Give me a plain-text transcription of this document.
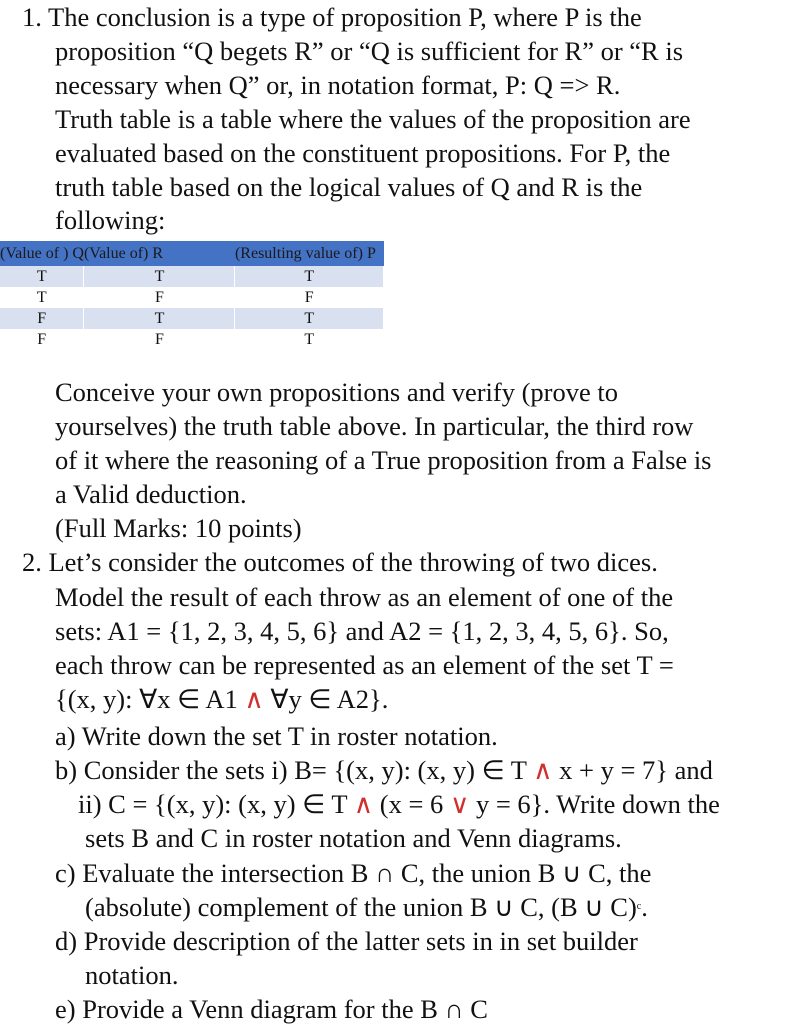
1. The conclusion is a type of proposition P, where P is the
proposition “Q begets R” or “Q is sufficient for R” or “R is
necessary when Q” or, in notation format, P: Q => R.
Truth table is a table where the values of the proposition are
evaluated based on the constituent propositions. For P, the
truth table based on the logical values of Q and R is the
following:
(Value of ) Q	(Value of) R	(Resulting value of) P
T	T	T
T	F	F
F	T	T
F	F	T
Conceive your own propositions and verify (prove to
yourselves) the truth table above. In particular, the third row
of it where the reasoning of a True proposition from a False is
a Valid deduction.
(Full Marks: 10 points)
2. Let’s consider the outcomes of the throwing of two dices.
Model the result of each throw as an element of one of the
sets: A1 = {1, 2, 3, 4, 5, 6} and A2 = {1, 2, 3, 4, 5, 6}. So,
each throw can be represented as an element of the set T =
{(x, y): ∀x ∈ A1 ∧ ∀y ∈ A2}.
a) Write down the set T in roster notation.
b) Consider the sets i) B= {(x, y): (x, y) ∈ T ∧ x + y = 7} and
ii) C = {(x, y): (x, y) ∈ T ∧ (x = 6 ∨ y = 6}. Write down the
sets B and C in roster notation and Venn diagrams.
c) Evaluate the intersection B ∩ C, the union B ∪ C, the
(absolute) complement of the union B ∪ C, (B ∪ C)$^c$.
d) Provide description of the latter sets in in set builder
notation.
e) Provide a Venn diagram for the B ∩ C
